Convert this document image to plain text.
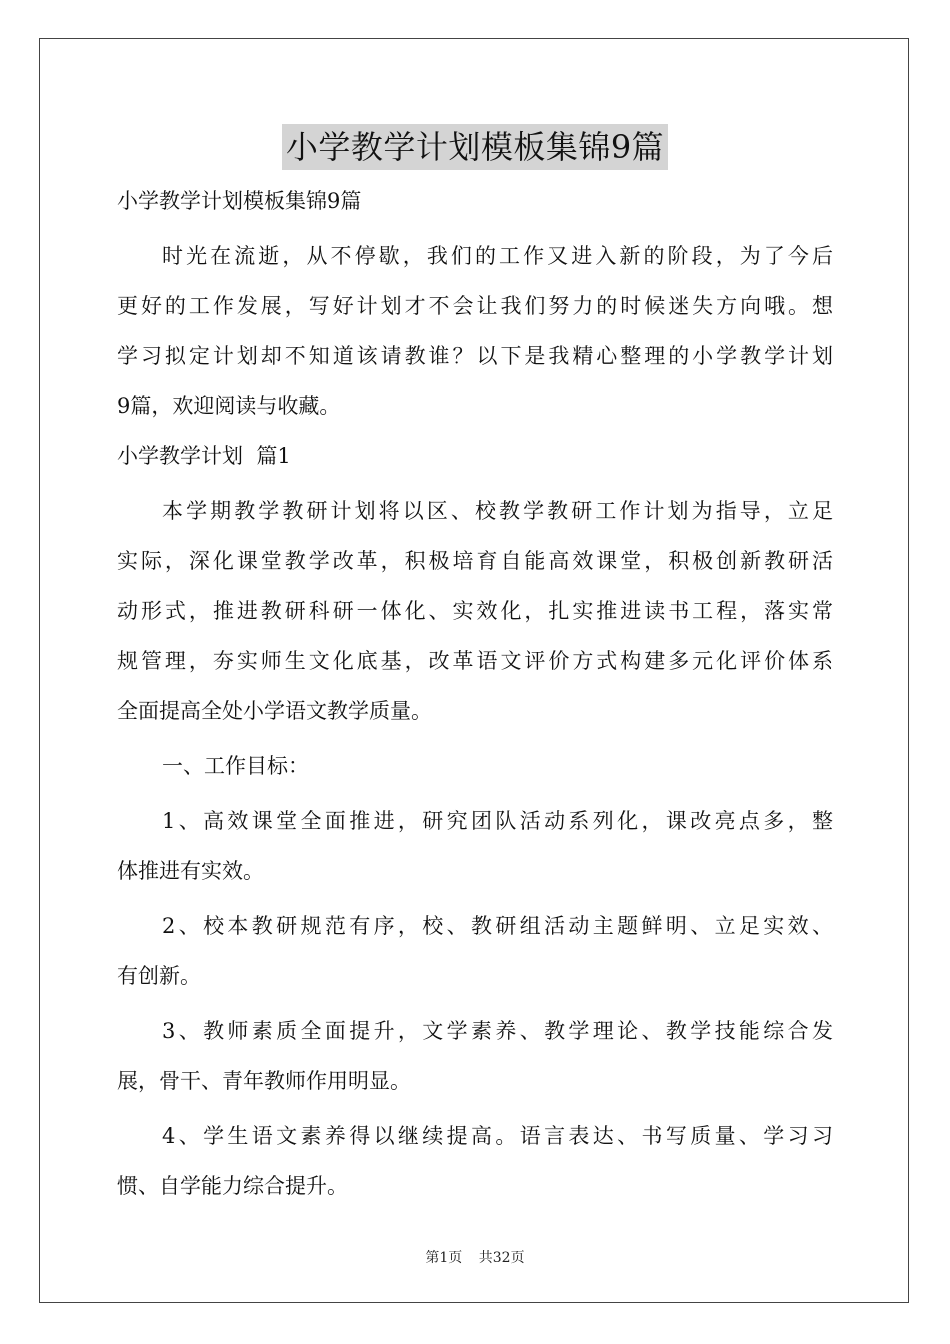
小学教学计划模板集锦9篇
小学教学计划模板集锦9篇
时光在流逝，从不停歇，我们的工作又进入新的阶段，为了今后
更好的工作发展，写好计划才不会让我们努力的时候迷失方向哦。想
学习拟定计划却不知道该请教谁？以下是我精心整理的小学教学计划
9篇，欢迎阅读与收藏。
小学教学计划  篇1
本学期教学教研计划将以区、校教学教研工作计划为指导，立足
实际，深化课堂教学改革，积极培育自能高效课堂，积极创新教研活
动形式，推进教研科研一体化、实效化，扎实推进读书工程，落实常
规管理，夯实师生文化底基，改革语文评价方式构建多元化评价体系
全面提高全处小学语文教学质量。
一、工作目标：
1、高效课堂全面推进，研究团队活动系列化，课改亮点多，整
体推进有实效。
2、校本教研规范有序，校、教研组活动主题鲜明、立足实效、
有创新。
3、教师素质全面提升，文学素养、教学理论、教学技能综合发
展，骨干、青年教师作用明显。
4、学生语文素养得以继续提高。语言表达、书写质量、学习习
惯、自学能力综合提升。
第1页 共32页
